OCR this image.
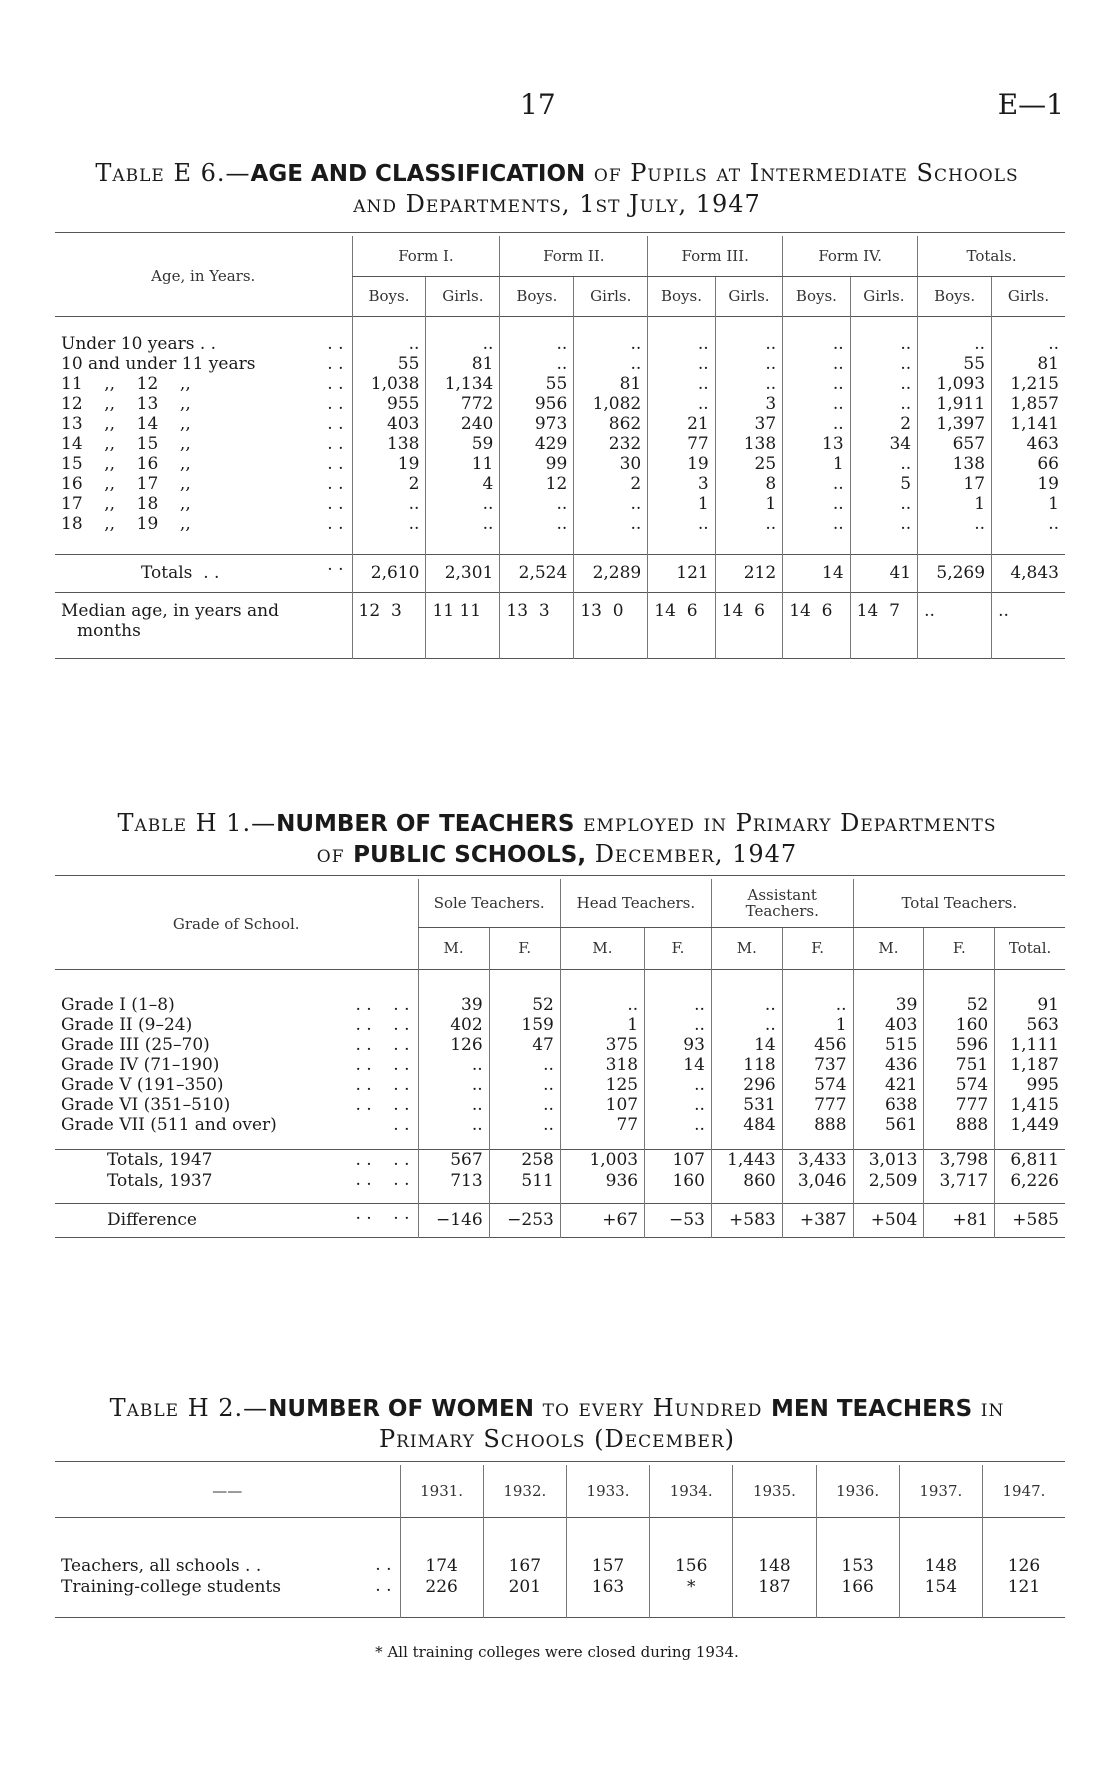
17	E—1
Table E 6.—AGE AND CLASSIFICATION of Pupils at Intermediate Schools
and Departments, 1st July, 1947
Age, in Years.	Form I.		Form II.		Form III.		Form IV.		Totals.	
	Boys.	Girls.	Boys.	Girls.	Boys.	Girls.	Boys.	Girls.	Boys.	Girls.

Under 10 years . . . .	..	..	..	..	..	..	..	..	..	..
10 and under 11 years . .	55	81	..	..	..	..	..	..	55	81
11    ,,    12    ,, . .	1,038	1,134	55	81	..	..	..	..	1,093	1,215
12    ,,    13    ,, . .	955	772	956	1,082	..	3	..	..	1,911	1,857
13    ,,    14    ,, . .	403	240	973	862	21	37	..	2	1,397	1,141
14    ,,    15    ,, . .	138	59	429	232	77	138	13	34	657	463
15    ,,    16    ,, . .	19	11	99	30	19	25	1	..	138	66
16    ,,    17    ,, . .	2	4	12	2	3	8	..	5	17	19
17    ,,    18    ,, . .	..	..	..	..	1	1	..	..	1	1
18    ,,    19    ,, . .	..	..	..	..	..	..	..	..	..	..

Totals  . . . .	2,610	2,301	2,524	2,289	121	212	14	41	5,269	4,843
Median age, in years and
months	12  3	11 11	13  3	13  0	14  6	14  6	14  6	14  7	..	..

Table H 1.—NUMBER OF TEACHERS employed in Primary Departments
of PUBLIC SCHOOLS, December, 1947
Grade of School.	Sole Teachers.		Head Teachers.		Assistant Teachers.		Total Teachers.		
	M.	F.	M.	F.	M.	F.	M.	F.	Total.

Grade I (1–8) . .    . .	39	52	..	..	..	..	39	52	91
Grade II (9–24) . .    . .	402	159	1	..	..	1	403	160	563
Grade III (25–70) . .    . .	126	47	375	93	14	456	515	596	1,111
Grade IV (71–190) . .    . .	..	..	318	14	118	737	436	751	1,187
Grade V (191–350) . .    . .	..	..	125	..	296	574	421	574	995
Grade VI (351–510) . .    . .	..	..	107	..	531	777	638	777	1,415
Grade VII (511 and over) . .	..	..	77	..	484	888	561	888	1,449

Totals, 1947 . .    . .	567	258	1,003	107	1,443	3,433	3,013	3,798	6,811
Totals, 1937 . .    . .	713	511	936	160	860	3,046	2,509	3,717	6,226

Difference . .    . .	−146	−253	+67	−53	+583	+387	+504	+81	+585

Table H 2.—NUMBER OF WOMEN to every Hundred MEN TEACHERS in
Primary Schools (December)
——	1931.	1932.	1933.	1934.	1935.	1936.	1937.	1947.

Teachers, all schools . . . .	174	167	157	156	148	153	148	126
Training-college students . .	226	201	163	*	187	166	154	121

* All training colleges were closed during 1934.
